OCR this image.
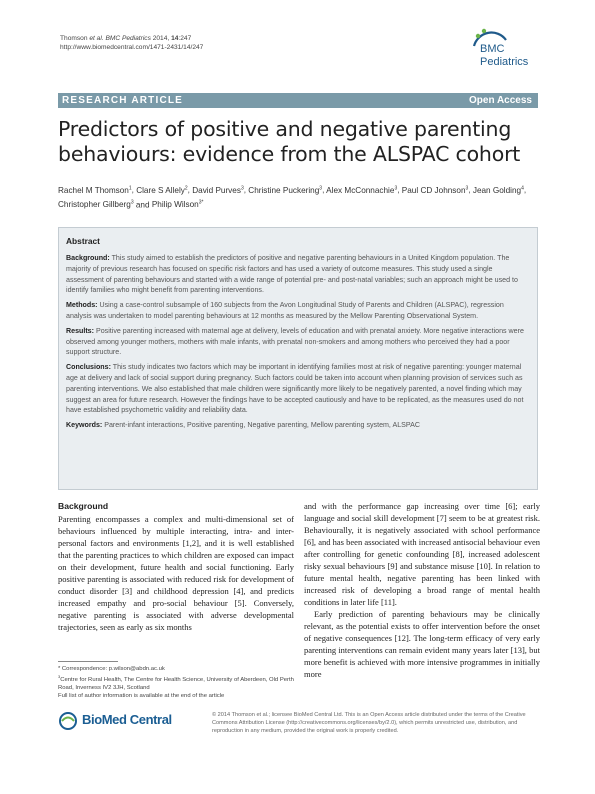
Thomson et al. BMC Pediatrics 2014, 14:247
http://www.biomedcentral.com/1471-2431/14/247	BMC
Pediatrics
RESEARCH ARTICLE	Open Access
Predictors of positive and negative parenting behaviours: evidence from the ALSPAC cohort
Rachel M Thomson$^1$, Clare S Allely$^2$, David Purves$^3$, Christine Puckering$^3$, Alex McConnachie$^3$, Paul CD Johnson$^3$, Jean Golding$^4$, Christopher Gillberg$^3$ and Philip Wilson$^{3*}$
Abstract

Background: This study aimed to establish the predictors of positive and negative parenting behaviours in a United Kingdom population. The majority of previous research has focused on specific risk factors and has used a variety of outcome measures. This study used a single assessment of parenting behaviours and started with a wide range of potential pre- and post-natal variables; such an approach might be used to identify families who might benefit from parenting interventions.

Methods: Using a case-control subsample of 160 subjects from the Avon Longitudinal Study of Parents and Children (ALSPAC), regression analysis was undertaken to model parenting behaviours at 12 months as measured by the Mellow Parenting Observational System.

Results: Positive parenting increased with maternal age at delivery, levels of education and with prenatal anxiety. More negative interactions were observed among younger mothers, mothers with male infants, with prenatal non-smokers and among mothers who perceived they had a poor support structure.

Conclusions: This study indicates two factors which may be important in identifying families most at risk of negative parenting: younger maternal age at delivery and lack of social support during pregnancy. Such factors could be taken into account when planning provision of services such as parenting interventions. We also established that male children were significantly more likely to be negatively parented, a novel finding which may suggest an area for future research. However the findings have to be accepted cautiously and have to be replicated, as the measures used do not have established psychometric validity and reliability data.

Keywords: Parent-infant interactions, Positive parenting, Negative parenting, Mellow parenting system, ALSPAC

Background

Parenting encompasses a complex and multi-dimensional set of behaviours influenced by multiple interacting, intra- and inter-personal factors and environments [1,2], and it is well established that the parenting practices to which children are exposed can impact on their development, future health and social functioning. Early positive parenting is associated with reduced risk for development of conduct disorder [3] and childhood depression [4], and predicts increased empathy and pro-social behaviour [5]. Conversely, negative parenting is associated with adverse developmental trajectories, seen as early as six months

and with the performance gap increasing over time [6]; early language and social skill development [7] seem to be at greatest risk. Behaviourally, it is negatively associated with school performance [6], and has been associated with increased antisocial behaviour even after controlling for genetic confounding [8], increased adolescent risky sexual behaviours [9] and substance misuse [10]. In relation to future mental health, negative parenting has been linked with increased risk of developing a broad range of mental health conditions in later life [11].

Early prediction of parenting behaviours may be clinically relevant, as the potential exists to offer intervention before the onset of negative consequences [12]. The long-term efficacy of very early parenting interventions can remain evident many years later [13], but more benefit is achieved with more intensive programmes in initially more

* Correspondence: p.wilson@abdn.ac.uk
$^3$Centre for Rural Health, The Centre for Health Science, University of Aberdeen, Old Perth Road, Inverness IV2 3JH, Scotland
Full list of author information is available at the end of the article
BioMed Central	© 2014 Thomson et al.; licensee BioMed Central Ltd. This is an Open Access article distributed under the terms of the Creative Commons Attribution License (http://creativecommons.org/licenses/by/2.0), which permits unrestricted use, distribution, and reproduction in any medium, provided the original work is properly credited.
